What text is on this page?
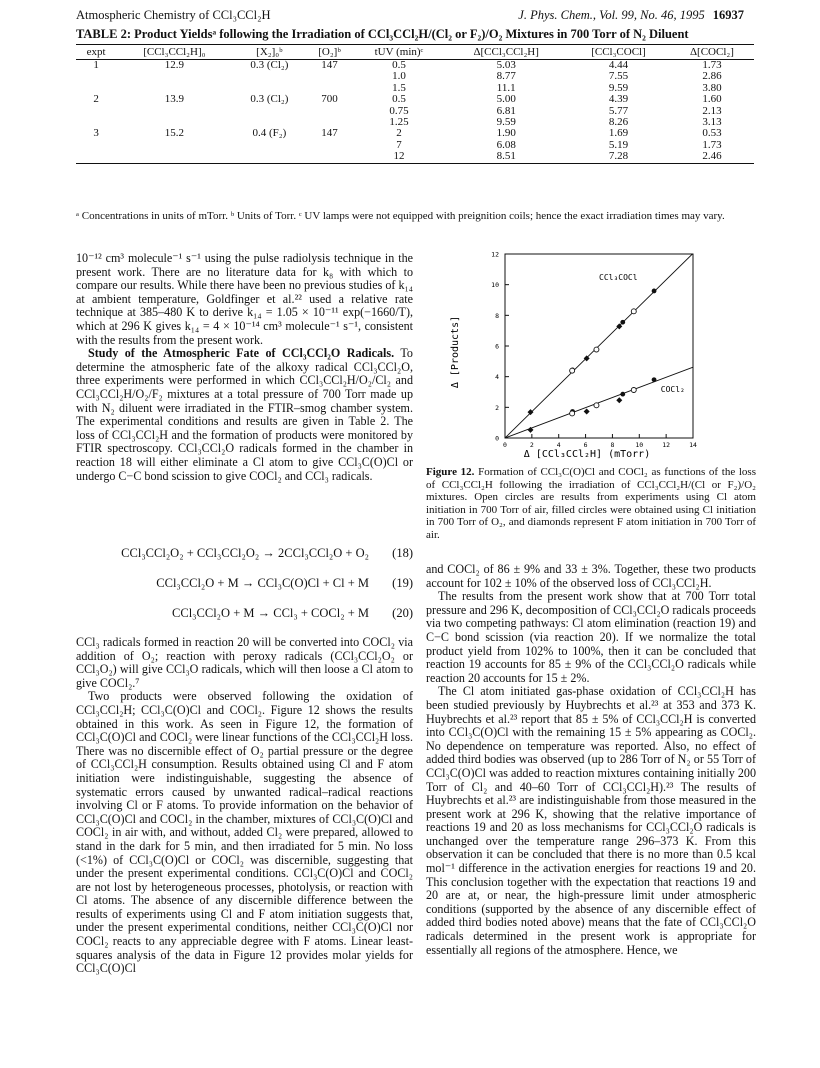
Atmospheric Chemistry of CCl₃CCl₂H	J. Phys. Chem., Vol. 99, No. 46, 1995 16937
TABLE 2: Product Yieldsᵃ following the Irradiation of CCl₃CCl₂H/(Cl₂ or F₂)/O₂ Mixtures in 700 Torr of N₂ Diluent
expt	[CCl₃CCl₂H]₀	[X₂]₀ᵇ	[O₂]ᵇ	tUV (min)ᶜ	Δ[CCl₃CCl₂H]	[CCl₃COCl]	Δ[COCl₂]
1	12.9	0.3 (Cl₂)	147	0.5	5.03	4.44	1.73
				1.0	8.77	7.55	2.86
				1.5	11.1	9.59	3.80
2	13.9	0.3 (Cl₂)	700	0.5	5.00	4.39	1.60
				0.75	6.81	5.77	2.13
				1.25	9.59	8.26	3.13
3	15.2	0.4 (F₂)	147	2	1.90	1.69	0.53
				7	6.08	5.19	1.73
				12	8.51	7.28	2.46
ᵃ Concentrations in units of mTorr. ᵇ Units of Torr. ᶜ UV lamps were not equipped with preignition coils; hence the exact irradiation times may vary.

10⁻¹² cm³ molecule⁻¹ s⁻¹ using the pulse radiolysis technique in the present work. There are no literature data for k₈ with which to compare our results. While there have been no previous studies of k₁₄ at ambient temperature, Goldfinger et al.²² used a relative rate technique at 385–480 K to derive k₁₄ = 1.05 × 10⁻¹¹ exp(−1660/T), which at 296 K gives k₁₄ = 4 × 10⁻¹⁴ cm³ molecule⁻¹ s⁻¹, consistent with the results from the present work.

Study of the Atmospheric Fate of CCl₃CCl₂O Radicals. To determine the atmospheric fate of the alkoxy radical CCl₃CCl₂O, three experiments were performed in which CCl₃CCl₂H/O₂/Cl₂ and CCl₃CCl₂H/O₂/F₂ mixtures at a total pressure of 700 Torr made up with N₂ diluent were irradiated in the FTIR–smog chamber system. The experimental conditions and results are given in Table 2. The loss of CCl₃CCl₂H and the formation of products were monitored by FTIR spectroscopy. CCl₃CCl₂O radicals formed in the chamber in reaction 18 will either eliminate a Cl atom to give CCl₃C(O)Cl or undergo C−C bond scission to give COCl₂ and CCl₃ radicals.

CCl₃CCl₂O₂ + CCl₃CCl₂O₂ → 2CCl₃CCl₂O + O₂ (18)
CCl₃CCl₂O + M → CCl₃C(O)Cl + Cl + M (19)
CCl₃CCl₂O + M → CCl₃ + COCl₂ + M (20)

CCl₃ radicals formed in reaction 20 will be converted into COCl₂ via addition of O₂; reaction with peroxy radicals (CCl₃CCl₂O₂ or CCl₃O₂) will give CCl₃O radicals, which will then loose a Cl atom to give COCl₂.⁷

Two products were observed following the oxidation of CCl₃CCl₂H; CCl₃C(O)Cl and COCl₂. Figure 12 shows the results obtained in this work. As seen in Figure 12, the formation of CCl₃C(O)Cl and COCl₂ were linear functions of the CCl₃CCl₂H loss. There was no discernible effect of O₂ partial pressure or the degree of CCl₃CCl₂H consumption. Results obtained using Cl and F atom initiation were indistinguishable, suggesting the absence of systematic errors caused by unwanted radical–radical reactions involving Cl or F atoms. To provide information on the behavior of CCl₃C(O)Cl and COCl₂ in the chamber, mixtures of CCl₃C(O)Cl and COCl₂ in air with, and without, added Cl₂ were prepared, allowed to stand in the dark for 5 min, and then irradiated for 5 min. No loss (<1%) of CCl₃C(O)Cl or COCl₂ was discernible, suggesting that under the present experimental conditions. CCl₃C(O)Cl and COCl₂ are not lost by heterogeneous processes, photolysis, or reaction with Cl atoms. The absence of any discernible difference between the results of experiments using Cl and F atom initiation suggests that, under the present experimental conditions, neither CCl₃C(O)Cl nor COCl₂ reacts to any appreciable degree with F atoms. Linear least-squares analysis of the data in Figure 12 provides molar yields for CCl₃C(O)Cl

0	2	4	6	8	10	12	14
0
2
4
6
8
10
12
CCl₃COCl
COCl₂
Δ [Products]
Δ [CCl₃CCl₂H] (mTorr)
Figure 12. Formation of CCl₃C(O)Cl and COCl₂ as functions of the loss of CCl₃CCl₂H following the irradiation of CCl₃CCl₂H/(Cl or F₂)/O₂ mixtures. Open circles are results from experiments using Cl atom initiation in 700 Torr of air, filled circles were obtained using Cl initiation in 700 Torr of O₂, and diamonds represent F atom initiation in 700 Torr of air.

and COCl₂ of 86 ± 9% and 33 ± 3%. Together, these two products account for 102 ± 10% of the observed loss of CCl₃CCl₂H.

The results from the present work show that at 700 Torr total pressure and 296 K, decomposition of CCl₃CCl₂O radicals proceeds via two competing pathways: Cl atom elimination (reaction 19) and C−C bond scission (via reaction 20). If we normalize the total product yield from 102% to 100%, then it can be concluded that reaction 19 accounts for 85 ± 9% of the CCl₃CCl₂O radicals while reaction 20 accounts for 15 ± 2%.

The Cl atom initiated gas-phase oxidation of CCl₃CCl₂H has been studied previously by Huybrechts et al.²³ at 353 and 373 K. Huybrechts et al.²³ report that 85 ± 5% of CCl₃CCl₂H is converted into CCl₃C(O)Cl with the remaining 15 ± 5% appearing as COCl₂. No dependence on temperature was reported. Also, no effect of added third bodies was observed (up to 286 Torr of N₂ or 55 Torr of CCl₃C(O)Cl was added to reaction mixtures containing initially 200 Torr of Cl₂ and 40–60 Torr of CCl₃CCl₂H).²³ The results of Huybrechts et al.²³ are indistinguishable from those measured in the present work at 296 K, showing that the relative importance of reactions 19 and 20 as loss mechanisms for CCl₃CCl₂O radicals is unchanged over the temperature range 296–373 K. From this observation it can be concluded that there is no more than 0.5 kcal mol⁻¹ difference in the activation energies for reactions 19 and 20. This conclusion together with the expectation that reactions 19 and 20 are at, or near, the high-pressure limit under atmospheric conditions (supported by the absence of any discernible effect of added third bodies noted above) means that the fate of CCl₃CCl₂O radicals determined in the present work is appropriate for essentially all regions of the atmosphere. Hence, we
